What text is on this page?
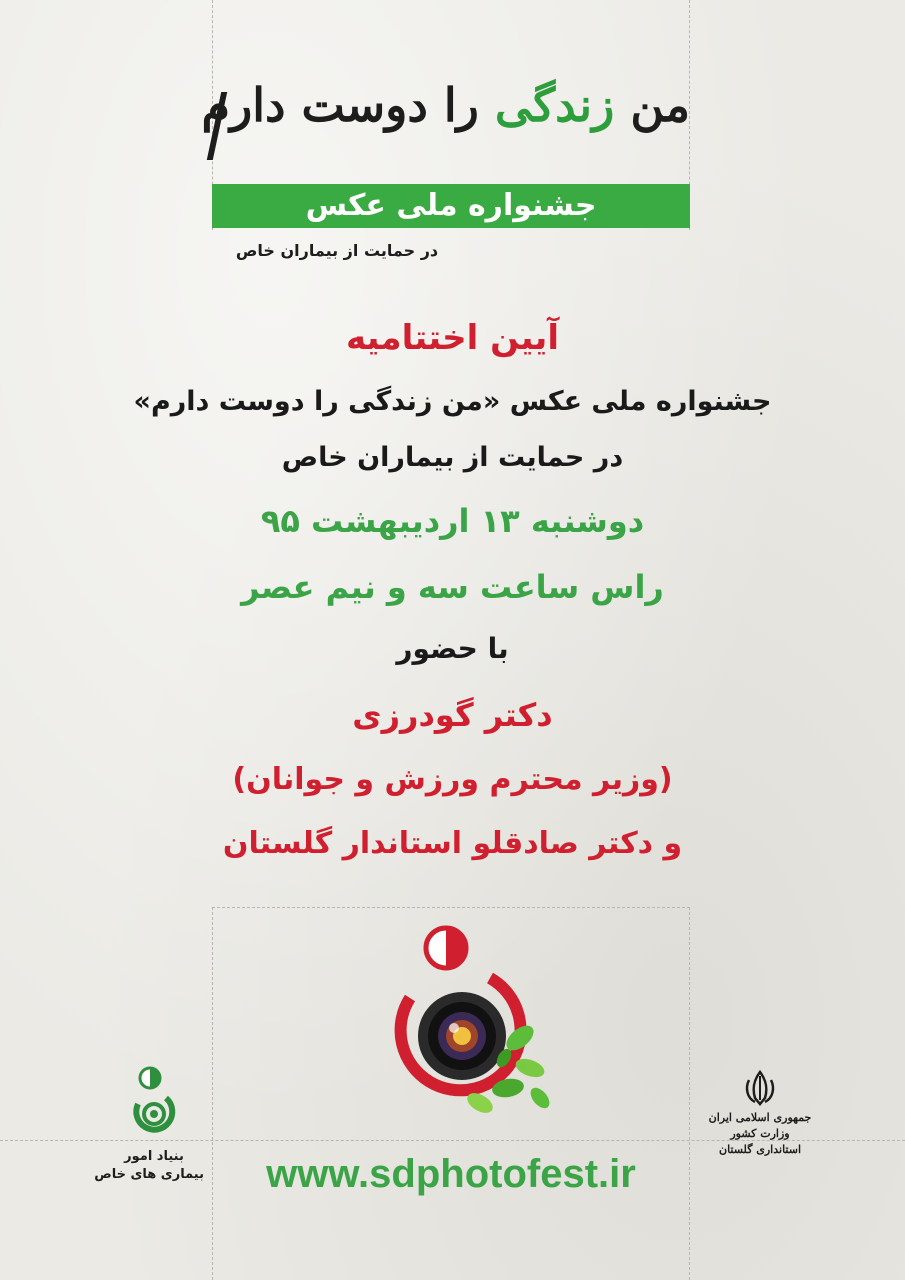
من زندگی را دوست دارم
جشنواره ملی عکس
در حمایت از بیماران خاص
آیین اختتامیه
جشنواره ملی عکس «من زندگی را دوست دارم»
در حمایت از بیماران خاص
دوشنبه ۱۳ اردیبهشت ۹۵
راس ساعت سه و نیم عصر
با حضور
دکتر گودرزی
(وزیر محترم ورزش و جوانان)
و دکتر صادقلو استاندار گلستان
بنیاد امور
بیماری های خاص
جمهوری اسلامی ایران
وزارت کشور
استانداری گلستان
www.sdphotofest.ir
